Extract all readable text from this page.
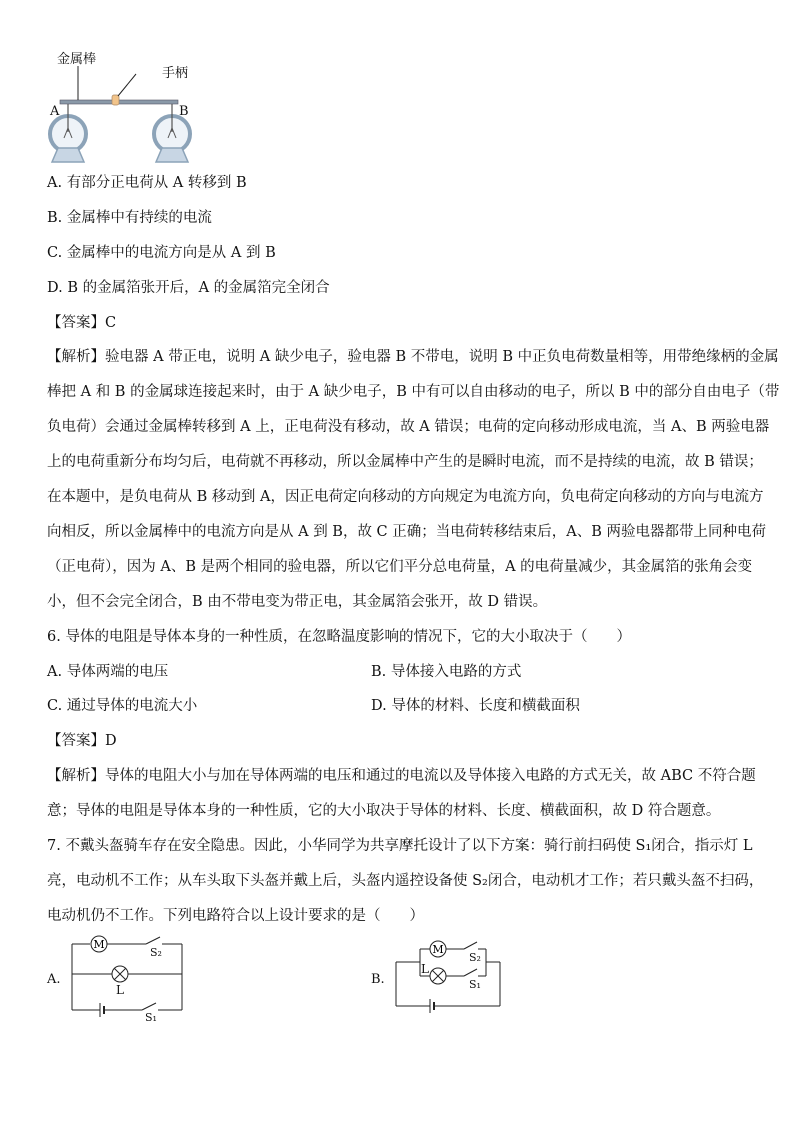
金属棒
手柄
A	B
A. 有部分正电荷从 A 转移到 B
B. 金属棒中有持续的电流
C. 金属棒中的电流方向是从 A 到 B
D. B 的金属箔张开后，A 的金属箔完全闭合
【答案】C
【解析】验电器 A 带正电，说明 A 缺少电子，验电器 B 不带电，说明 B 中正负电荷数量相等，用带绝缘柄的金属
棒把 A 和 B 的金属球连接起来时，由于 A 缺少电子，B 中有可以自由移动的电子，所以 B 中的部分自由电子（带
负电荷）会通过金属棒转移到 A 上，正电荷没有移动，故 A 错误；电荷的定向移动形成电流，当 A、B 两验电器
上的电荷重新分布均匀后，电荷就不再移动，所以金属棒中产生的是瞬时电流，而不是持续的电流，故 B 错误；
在本题中，是负电荷从 B 移动到 A，因正电荷定向移动的方向规定为电流方向，负电荷定向移动的方向与电流方
向相反，所以金属棒中的电流方向是从 A 到 B，故 C 正确；当电荷转移结束后，A、B 两验电器都带上同种电荷
（正电荷），因为 A、B 是两个相同的验电器，所以它们平分总电荷量，A 的电荷量减少，其金属箔的张角会变
小，但不会完全闭合，B 由不带电变为带正电，其金属箔会张开，故 D 错误。
6. 导体的电阻是导体本身的一种性质，在忽略温度影响的情况下，它的大小取决于（　　）
A. 导体两端的电压	B. 导体接入电路的方式
C. 通过导体的电流大小	D. 导体的材料、长度和横截面积
【答案】D
【解析】导体的电阻大小与加在导体两端的电压和通过的电流以及导体接入电路的方式无关，故 ABC 不符合题
意；导体的电阻是导体本身的一种性质，它的大小取决于导体的材料、长度、横截面积，故 D 符合题意。
7. 不戴头盔骑车存在安全隐患。因此，小华同学为共享摩托设计了以下方案：骑行前扫码使 S₁闭合，指示灯 L
亮，电动机不工作；从车头取下头盔并戴上后，头盔内遥控设备使 S₂闭合，电动机才工作；若只戴头盔不扫码，
电动机仍不工作。下列电路符合以上设计要求的是（　　）
M
A.
S₂
L
S₁
M
B.
S₂
L
S₁
